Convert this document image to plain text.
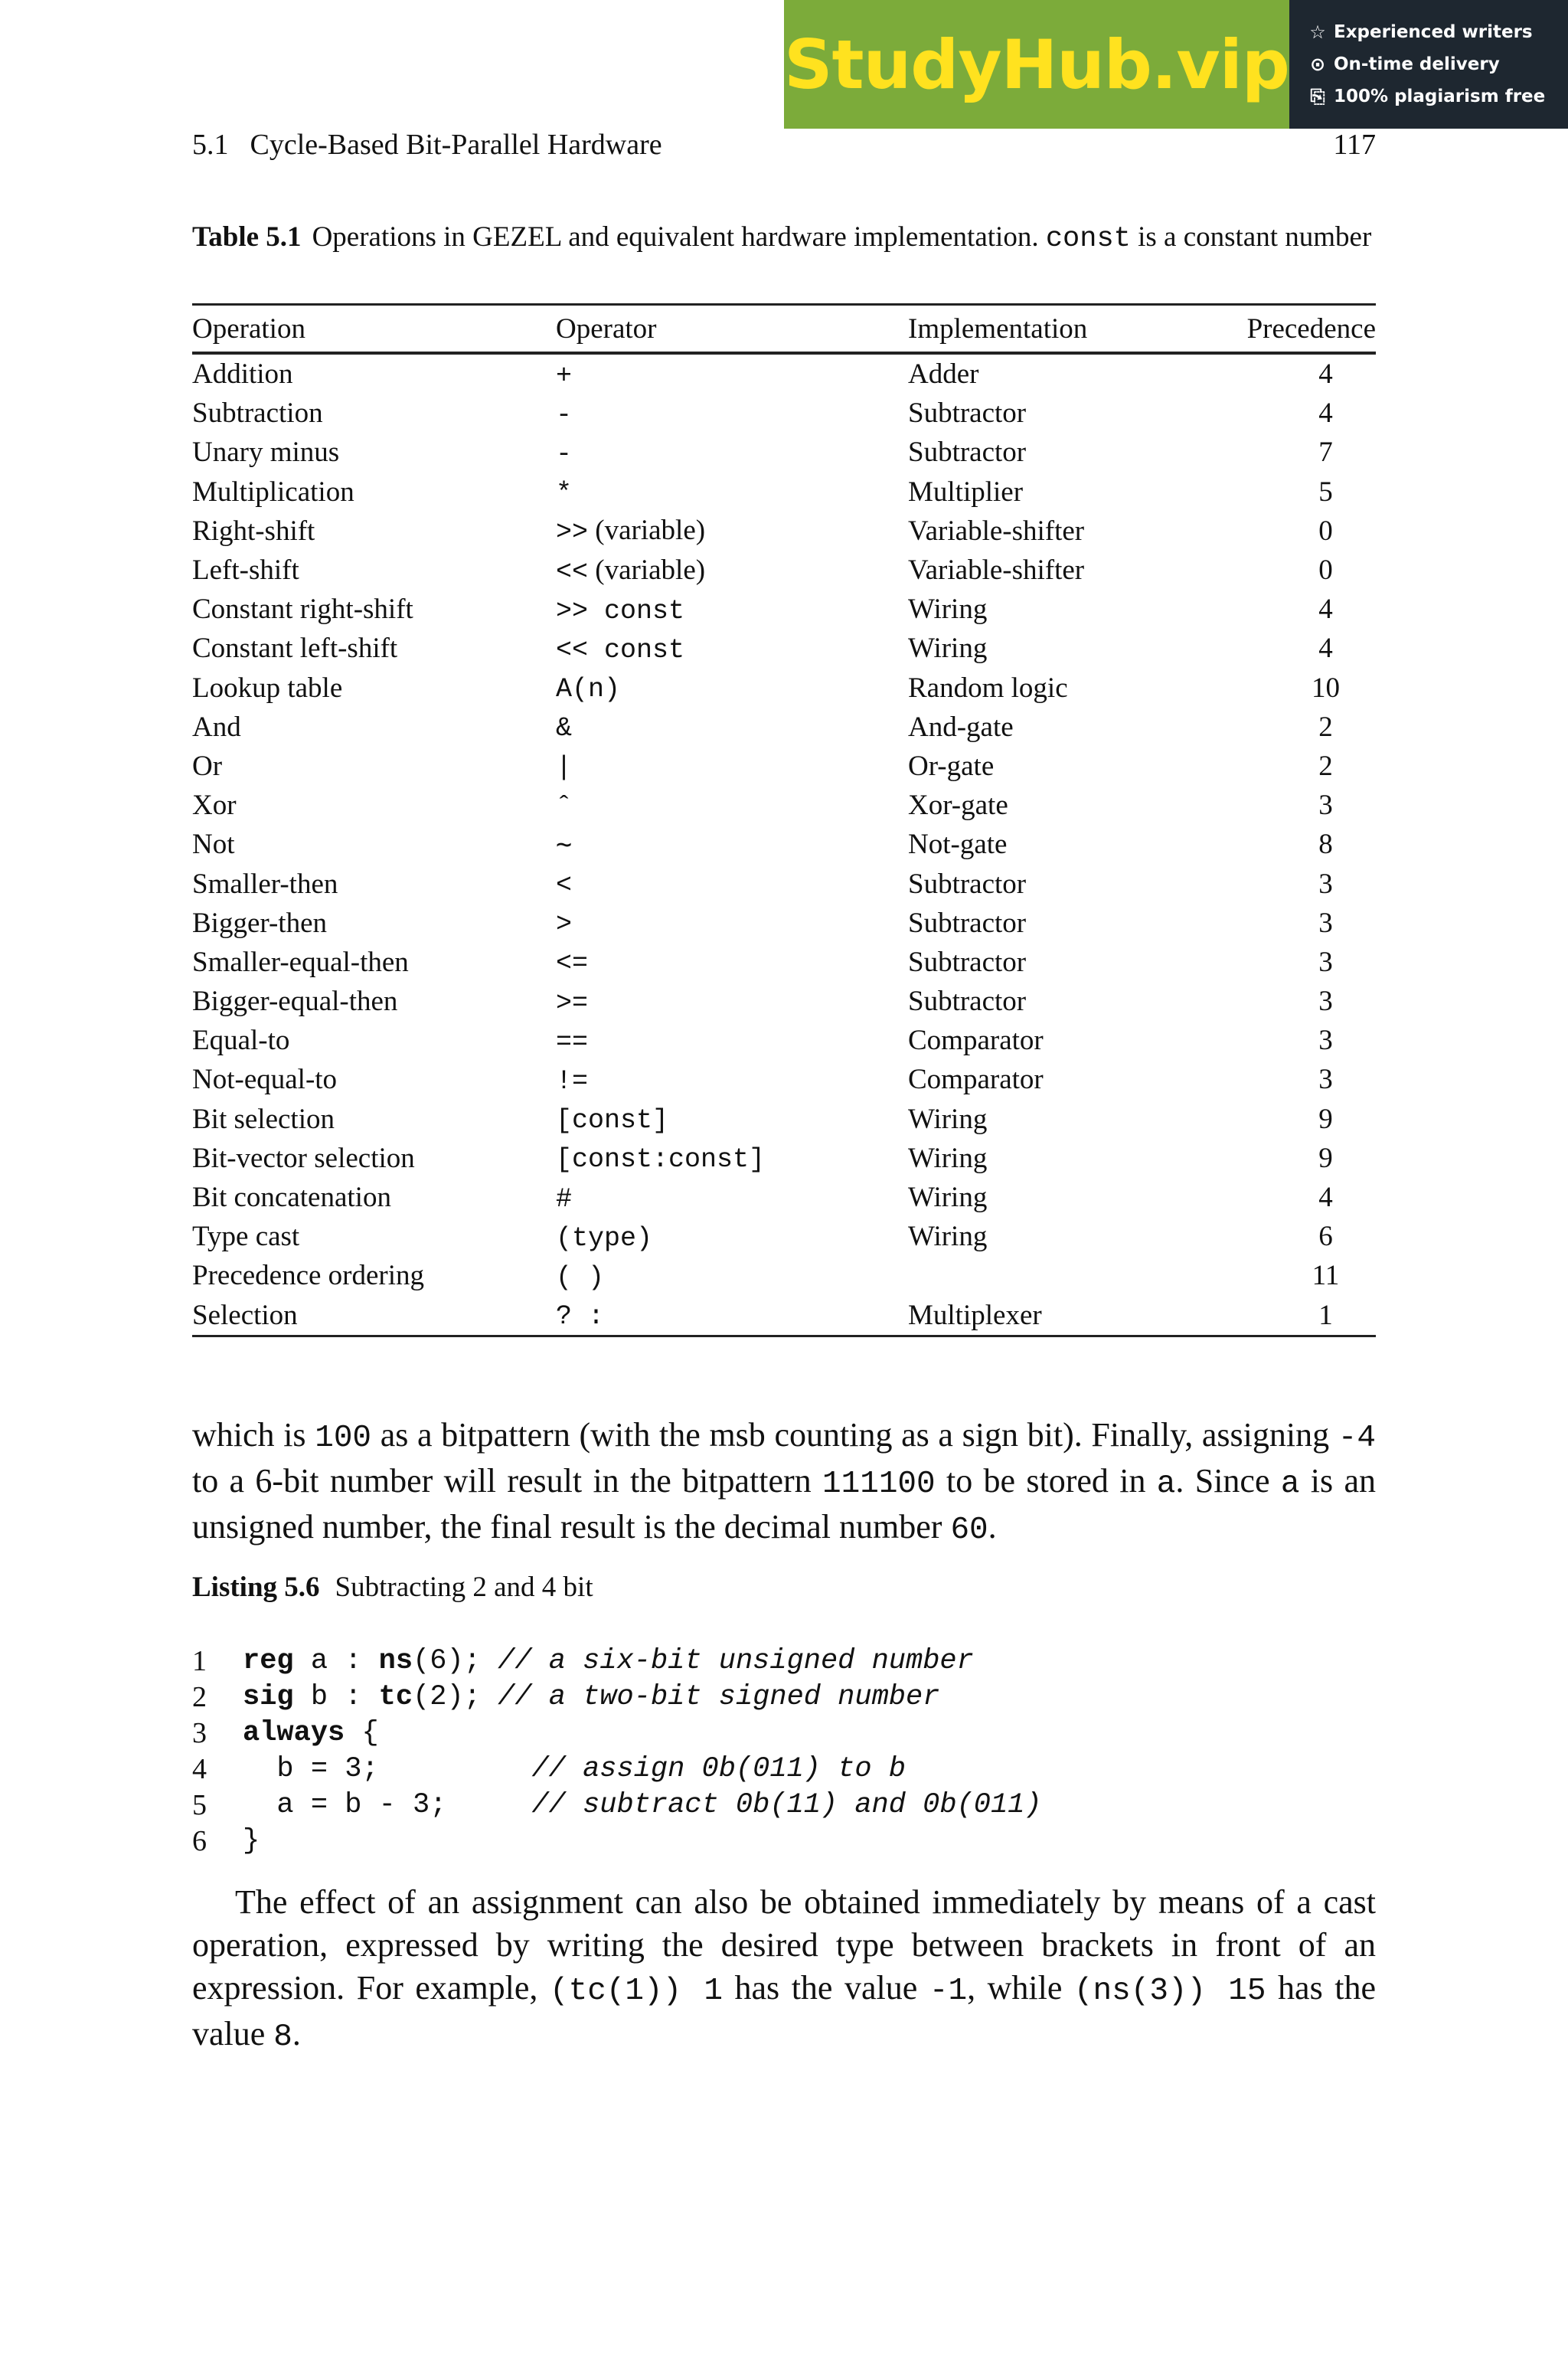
StudyHub.vip ☆ Experienced writers
⊙ On-time delivery
⎘ 100% plagiarism free
5.1 Cycle-Based Bit-Parallel Hardware	117
Table 5.1 Operations in GEZEL and equivalent hardware implementation. const is a constant number
Operation	Operator	Implementation	Precedence
Addition	+	Adder	4
Subtraction	-	Subtractor	4
Unary minus	-	Subtractor	7
Multiplication	*	Multiplier	5
Right-shift	>> (variable)	Variable-shifter	0
Left-shift	<< (variable)	Variable-shifter	0
Constant right-shift	>> const	Wiring	4
Constant left-shift	<< const	Wiring	4
Lookup table	A(n)	Random logic	10
And	&	And-gate	2
Or	|	Or-gate	2
Xor	ˆ	Xor-gate	3
Not	∼	Not-gate	8
Smaller-then	<	Subtractor	3
Bigger-then	>	Subtractor	3
Smaller-equal-then	<=	Subtractor	3
Bigger-equal-then	>=	Subtractor	3
Equal-to	==	Comparator	3
Not-equal-to	!=	Comparator	3
Bit selection	[const]	Wiring	9
Bit-vector selection	[const:const]	Wiring	9
Bit concatenation	#	Wiring	4
Type cast	(type)	Wiring	6
Precedence ordering	( )		11
Selection	? :	Multiplexer	1
which is 100 as a bitpattern (with the msb counting as a sign bit). Finally, assigning -4 to a 6-bit number will result in the bitpattern 111100 to be stored in a. Since a is an unsigned number, the final result is the decimal number 60.
Listing 5.6 Subtracting 2 and 4 bit
1	reg a : ns(6); // a six-bit unsigned number
2	sig b : tc(2); // a two-bit signed number
3	always {
4	b = 3;         // assign 0b(011) to b
5	a = b - 3;     // subtract 0b(11) and 0b(011)
6	}
The effect of an assignment can also be obtained immediately by means of a cast operation, expressed by writing the desired type between brackets in front of an expression. For example, (tc(1)) 1 has the value -1, while (ns(3)) 15 has the value 8.
